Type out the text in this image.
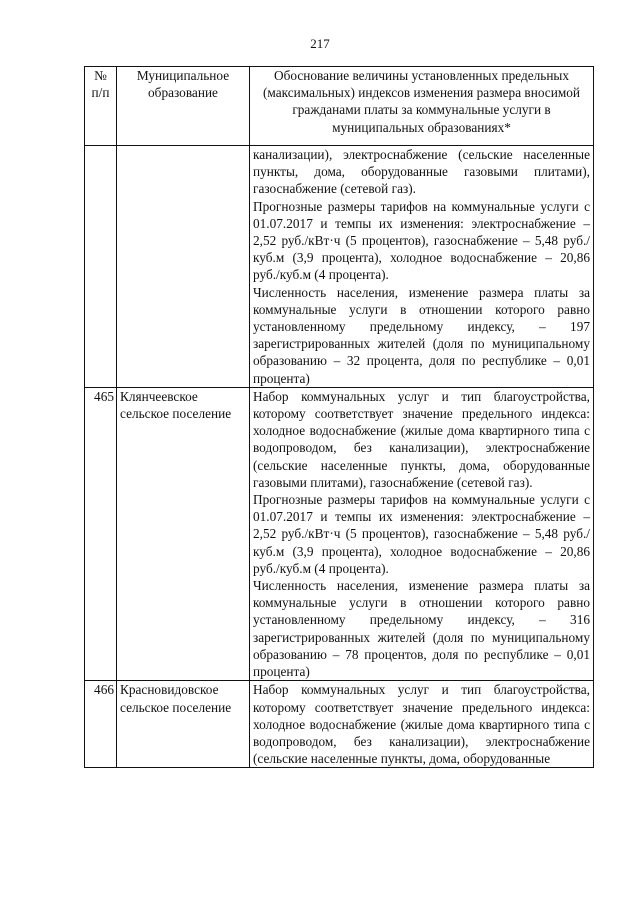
217
№ п/п	Муниципальное образование	Обоснование величины установленных предельных (максимальных) индексов изменения размера вносимой гражданами платы за коммунальные услуги в муниципальных образованиях*

		канализации), электроснабжение (сельские населенные пункты, дома, оборудованные газовыми плитами), газоснабжение (сетевой газ).

Прогнозные размеры тарифов на коммунальные услуги с 01.07.2017 и темпы их изменения: электроснабжение – 2,52 руб./кВт·ч (5 процентов), газоснабжение – 5,48 руб./куб.м (3,9 процента), холодное водоснабжение – 20,86 руб./куб.м (4 процента).

Численность населения, изменение размера платы за коммунальные услуги в отношении которого равно установленному предельному индексу, – 197 зарегистрированных жителей (доля по муниципальному образованию – 32 процента, доля по республике – 0,01 процента)

465	Клянчеевское сельское поселение	Набор коммунальных услуг и тип благоустройства, которому соответствует значение предельного индекса: холодное водоснабжение (жилые дома квартирного типа с водопроводом, без канализации), электроснабжение (сельские населенные пункты, дома, оборудованные газовыми плитами), газоснабжение (сетевой газ).

Прогнозные размеры тарифов на коммунальные услуги с 01.07.2017 и темпы их изменения: электроснабжение – 2,52 руб./кВт·ч (5 процентов), газоснабжение – 5,48 руб./куб.м (3,9 процента), холодное водоснабжение – 20,86 руб./куб.м (4 процента).

Численность населения, изменение размера платы за коммунальные услуги в отношении которого равно установленному предельному индексу, – 316 зарегистрированных жителей (доля по муниципальному образованию – 78 процентов, доля по республике – 0,01 процента)

466	Красновидовское сельское поселение	Набор коммунальных услуг и тип благоустройства, которому соответствует значение предельного индекса: холодное водоснабжение (жилые дома квартирного типа с водопроводом, без канализации), электроснабжение (сельские населенные пункты, дома, оборудованные
